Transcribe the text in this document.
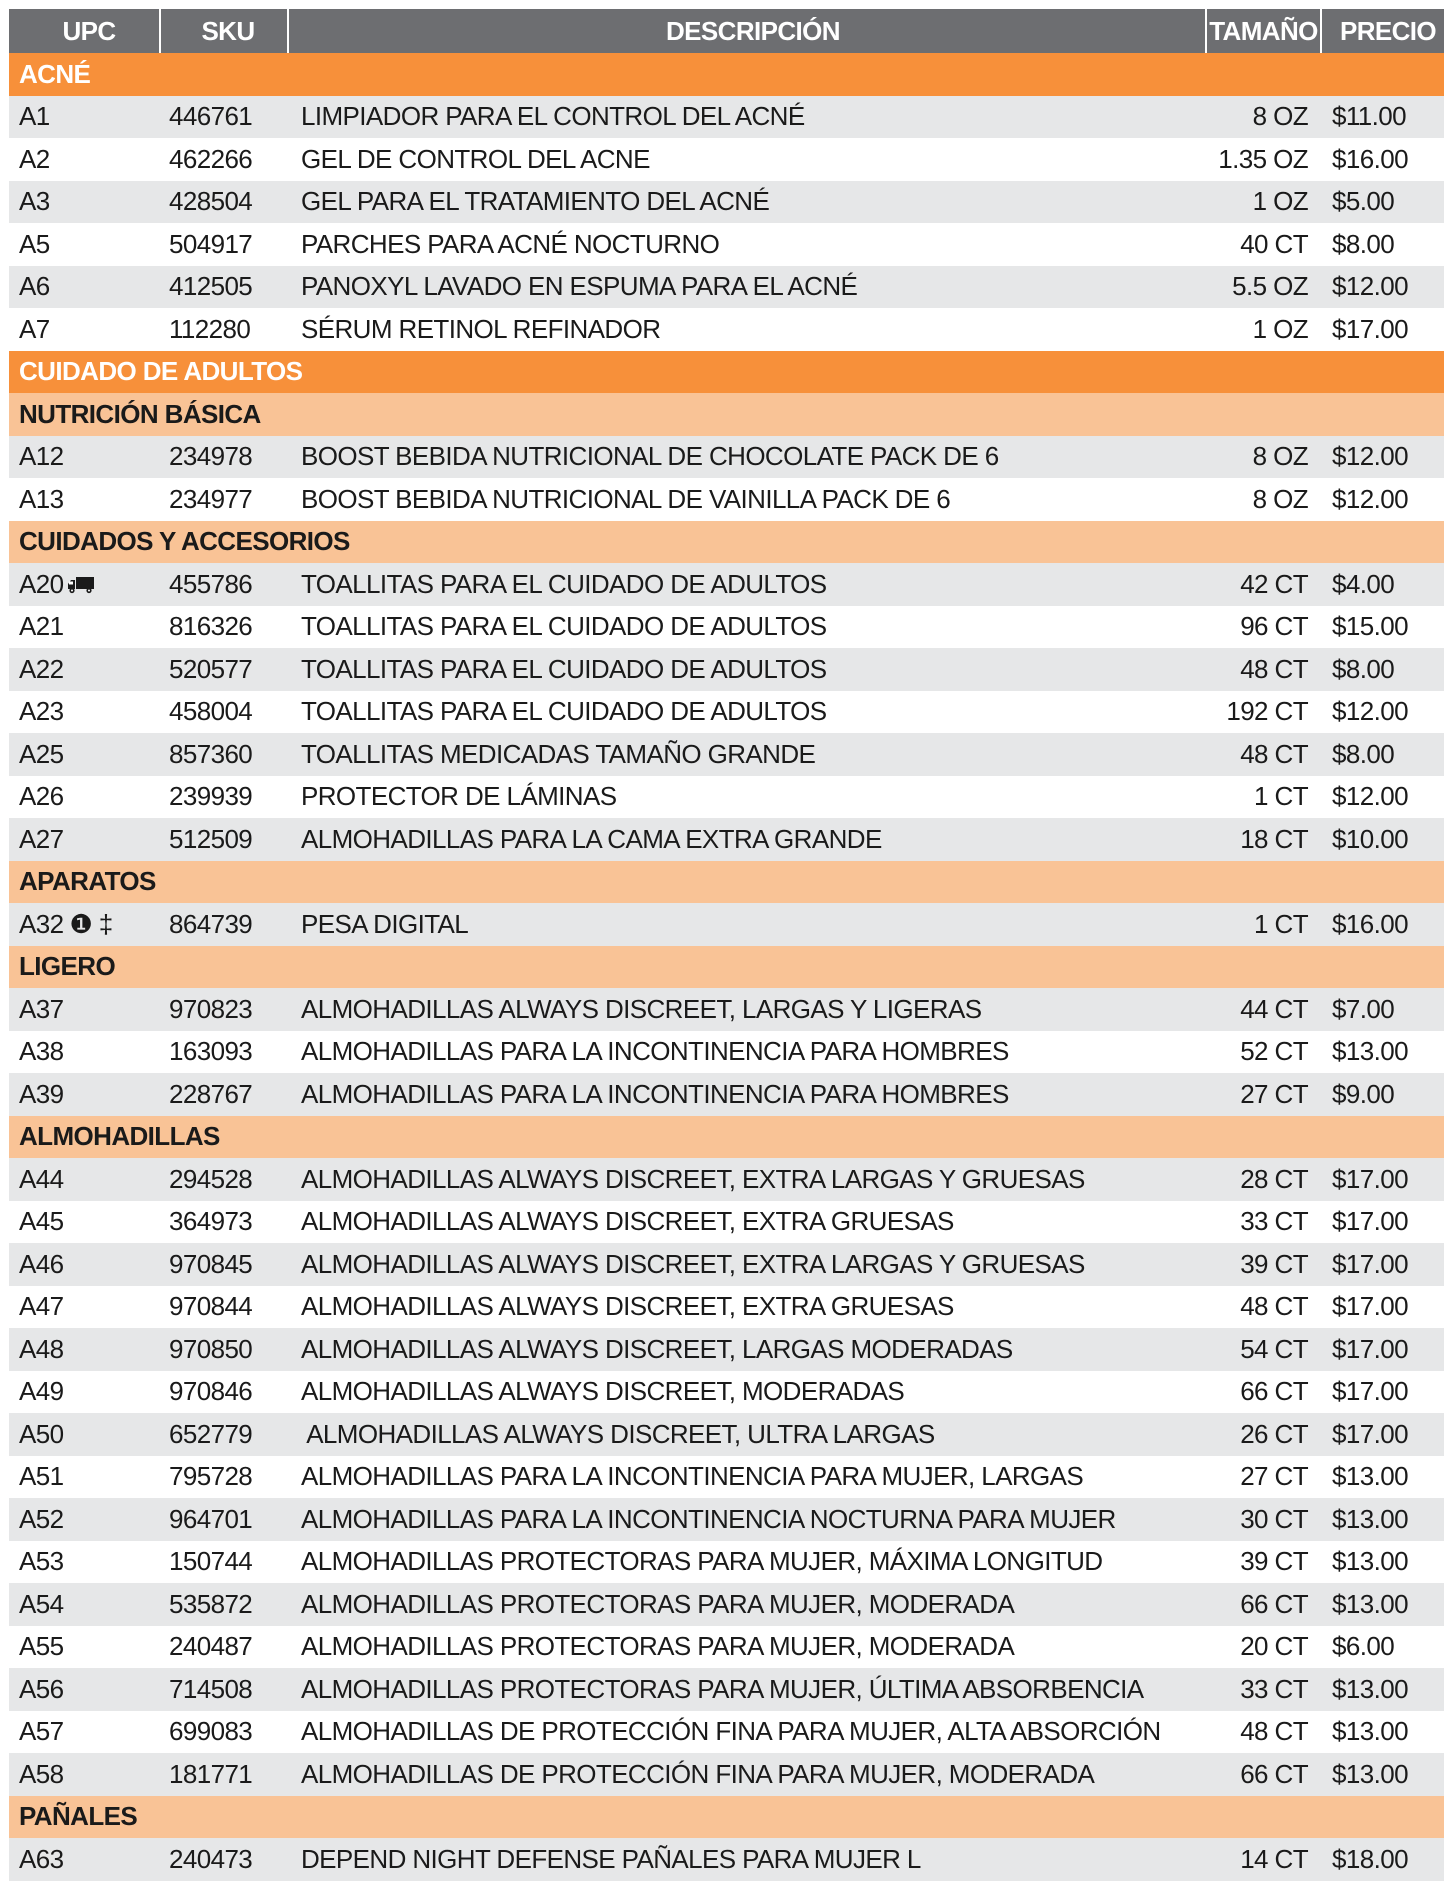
UPC	SKU	DESCRIPCIÓN	TAMAÑO PRECIO
ACNÉ
A1	446761	LIMPIADOR PARA EL CONTROL DEL ACNÉ	8 OZ $11.00
A2	462266	GEL DE CONTROL DEL ACNE	1.35 OZ $16.00
A3	428504	GEL PARA EL TRATAMIENTO DEL ACNÉ	1 OZ $5.00
A5	504917	PARCHES PARA ACNÉ NOCTURNO	40 CT $8.00
A6	412505	PANOXYL LAVADO EN ESPUMA PARA EL ACNÉ	5.5 OZ $12.00
A7	112280	SÉRUM RETINOL REFINADOR	1 OZ $17.00
CUIDADO DE ADULTOS
NUTRICIÓN BÁSICA
A12	234978	BOOST BEBIDA NUTRICIONAL DE CHOCOLATE PACK DE 6	8 OZ $12.00
A13	234977	BOOST BEBIDA NUTRICIONAL DE VAINILLA PACK DE 6	8 OZ $12.00
CUIDADOS Y ACCESORIOS
A20	455786	TOALLITAS PARA EL CUIDADO DE ADULTOS	42 CT $4.00
A21	816326	TOALLITAS PARA EL CUIDADO DE ADULTOS	96 CT $15.00
A22	520577	TOALLITAS PARA EL CUIDADO DE ADULTOS	48 CT $8.00
A23	458004	TOALLITAS PARA EL CUIDADO DE ADULTOS	192 CT $12.00
A25	857360	TOALLITAS MEDICADAS TAMAÑO GRANDE	48 CT $8.00
A26	239939	PROTECTOR DE LÁMINAS	1 CT $12.00
A27	512509	ALMOHADILLAS PARA LA CAMA EXTRA GRANDE	18 CT $10.00
APARATOS
A32 ❶ ‡	864739	PESA DIGITAL	1 CT $16.00
LIGERO
A37	970823	ALMOHADILLAS ALWAYS DISCREET, LARGAS Y LIGERAS	44 CT $7.00
A38	163093	ALMOHADILLAS PARA LA INCONTINENCIA PARA HOMBRES	52 CT $13.00
A39	228767	ALMOHADILLAS PARA LA INCONTINENCIA PARA HOMBRES	27 CT $9.00
ALMOHADILLAS
A44	294528	ALMOHADILLAS ALWAYS DISCREET, EXTRA LARGAS Y GRUESAS	28 CT $17.00
A45	364973	ALMOHADILLAS ALWAYS DISCREET, EXTRA GRUESAS	33 CT $17.00
A46	970845	ALMOHADILLAS ALWAYS DISCREET, EXTRA LARGAS Y GRUESAS	39 CT $17.00
A47	970844	ALMOHADILLAS ALWAYS DISCREET, EXTRA GRUESAS	48 CT $17.00
A48	970850	ALMOHADILLAS ALWAYS DISCREET, LARGAS MODERADAS	54 CT $17.00
A49	970846	ALMOHADILLAS ALWAYS DISCREET, MODERADAS	66 CT $17.00
A50	652779	ALMOHADILLAS ALWAYS DISCREET, ULTRA LARGAS	26 CT $17.00
A51	795728	ALMOHADILLAS PARA LA INCONTINENCIA PARA MUJER, LARGAS	27 CT $13.00
A52	964701	ALMOHADILLAS PARA LA INCONTINENCIA NOCTURNA PARA MUJER	30 CT $13.00
A53	150744	ALMOHADILLAS PROTECTORAS PARA MUJER, MÁXIMA LONGITUD	39 CT $13.00
A54	535872	ALMOHADILLAS PROTECTORAS PARA MUJER, MODERADA	66 CT $13.00
A55	240487	ALMOHADILLAS PROTECTORAS PARA MUJER, MODERADA	20 CT $6.00
A56	714508	ALMOHADILLAS PROTECTORAS PARA MUJER, ÚLTIMA ABSORBENCIA	33 CT $13.00
A57	699083	ALMOHADILLAS DE PROTECCIÓN FINA PARA MUJER, ALTA ABSORCIÓN	48 CT $13.00
A58	181771	ALMOHADILLAS DE PROTECCIÓN FINA PARA MUJER, MODERADA	66 CT $13.00
PAÑALES
A63	240473	DEPEND NIGHT DEFENSE PAÑALES PARA MUJER L	14 CT $18.00
